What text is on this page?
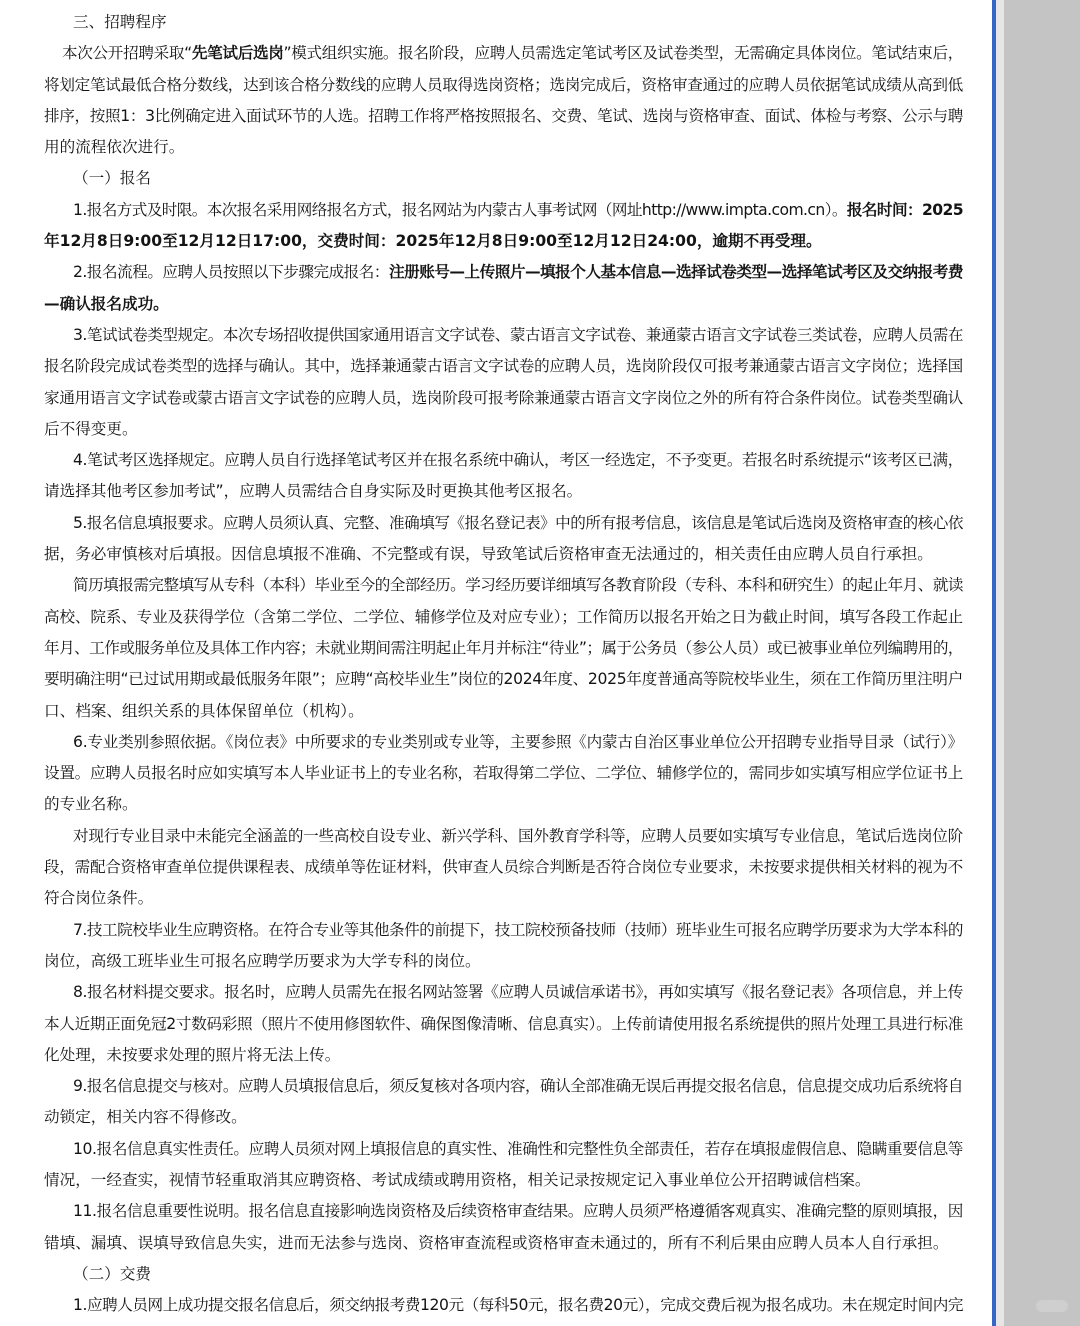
三、招聘程序
本次公开招聘采取“先笔试后选岗”模式组织实施。报名阶段，应聘人员需选定笔试考区及试卷类型，无需确定具体岗位。笔试结束后，
将划定笔试最低合格分数线，达到该合格分数线的应聘人员取得选岗资格；选岗完成后，资格审查通过的应聘人员依据笔试成绩从高到低
排序，按照1：3比例确定进入面试环节的人选。招聘工作将严格按照报名、交费、笔试、选岗与资格审查、面试、体检与考察、公示与聘
用的流程依次进行。
（一）报名
1.报名方式及时限。本次报名采用网络报名方式，报名网站为内蒙古人事考试网（网址http://www.impta.com.cn）。报名时间：2025
年12月8日9:00至12月12日17:00，交费时间：2025年12月8日9:00至12月12日24:00，逾期不再受理。
2.报名流程。应聘人员按照以下步骤完成报名：注册账号—上传照片—填报个人基本信息—选择试卷类型—选择笔试考区及交纳报考费
—确认报名成功。
3.笔试试卷类型规定。本次专场招收提供国家通用语言文字试卷、蒙古语言文字试卷、兼通蒙古语言文字试卷三类试卷，应聘人员需在
报名阶段完成试卷类型的选择与确认。其中，选择兼通蒙古语言文字试卷的应聘人员，选岗阶段仅可报考兼通蒙古语言文字岗位；选择国
家通用语言文字试卷或蒙古语言文字试卷的应聘人员，选岗阶段可报考除兼通蒙古语言文字岗位之外的所有符合条件岗位。试卷类型确认
后不得变更。
4.笔试考区选择规定。应聘人员自行选择笔试考区并在报名系统中确认，考区一经选定，不予变更。若报名时系统提示“该考区已满，
请选择其他考区参加考试”，应聘人员需结合自身实际及时更换其他考区报名。
5.报名信息填报要求。应聘人员须认真、完整、准确填写《报名登记表》中的所有报考信息，该信息是笔试后选岗及资格审查的核心依
据，务必审慎核对后填报。因信息填报不准确、不完整或有误，导致笔试后资格审查无法通过的，相关责任由应聘人员自行承担。
简历填报需完整填写从专科（本科）毕业至今的全部经历。学习经历要详细填写各教育阶段（专科、本科和研究生）的起止年月、就读
高校、院系、专业及获得学位（含第二学位、二学位、辅修学位及对应专业）；工作简历以报名开始之日为截止时间，填写各段工作起止
年月、工作或服务单位及具体工作内容；未就业期间需注明起止年月并标注“待业”；属于公务员（参公人员）或已被事业单位列编聘用的，
要明确注明“已过试用期或最低服务年限”；应聘“高校毕业生”岗位的2024年度、2025年度普通高等院校毕业生，须在工作简历里注明户
口、档案、组织关系的具体保留单位（机构）。
6.专业类别参照依据。《岗位表》中所要求的专业类别或专业等，主要参照《内蒙古自治区事业单位公开招聘专业指导目录（试行）》
设置。应聘人员报名时应如实填写本人毕业证书上的专业名称，若取得第二学位、二学位、辅修学位的，需同步如实填写相应学位证书上
的专业名称。
对现行专业目录中未能完全涵盖的一些高校自设专业、新兴学科、国外教育学科等，应聘人员要如实填写专业信息，笔试后选岗位阶
段，需配合资格审查单位提供课程表、成绩单等佐证材料，供审查人员综合判断是否符合岗位专业要求，未按要求提供相关材料的视为不
符合岗位条件。
7.技工院校毕业生应聘资格。在符合专业等其他条件的前提下，技工院校预备技师（技师）班毕业生可报名应聘学历要求为大学本科的
岗位，高级工班毕业生可报名应聘学历要求为大学专科的岗位。
8.报名材料提交要求。报名时，应聘人员需先在报名网站签署《应聘人员诚信承诺书》，再如实填写《报名登记表》各项信息，并上传
本人近期正面免冠2寸数码彩照（照片不使用修图软件、确保图像清晰、信息真实）。上传前请使用报名系统提供的照片处理工具进行标准
化处理，未按要求处理的照片将无法上传。
9.报名信息提交与核对。应聘人员填报信息后，须反复核对各项内容，确认全部准确无误后再提交报名信息，信息提交成功后系统将自
动锁定，相关内容不得修改。
10.报名信息真实性责任。应聘人员须对网上填报信息的真实性、准确性和完整性负全部责任，若存在填报虚假信息、隐瞒重要信息等
情况，一经查实，视情节轻重取消其应聘资格、考试成绩或聘用资格，相关记录按规定记入事业单位公开招聘诚信档案。
11.报名信息重要性说明。报名信息直接影响选岗资格及后续资格审查结果。应聘人员须严格遵循客观真实、准确完整的原则填报，因
错填、漏填、误填导致信息失实，进而无法参与选岗、资格审查流程或资格审查未通过的，所有不利后果由应聘人员本人自行承担。
（二）交费
1.应聘人员网上成功提交报名信息后，须交纳报考费120元（每科50元，报名费20元），完成交费后视为报名成功。未在规定时间内完
